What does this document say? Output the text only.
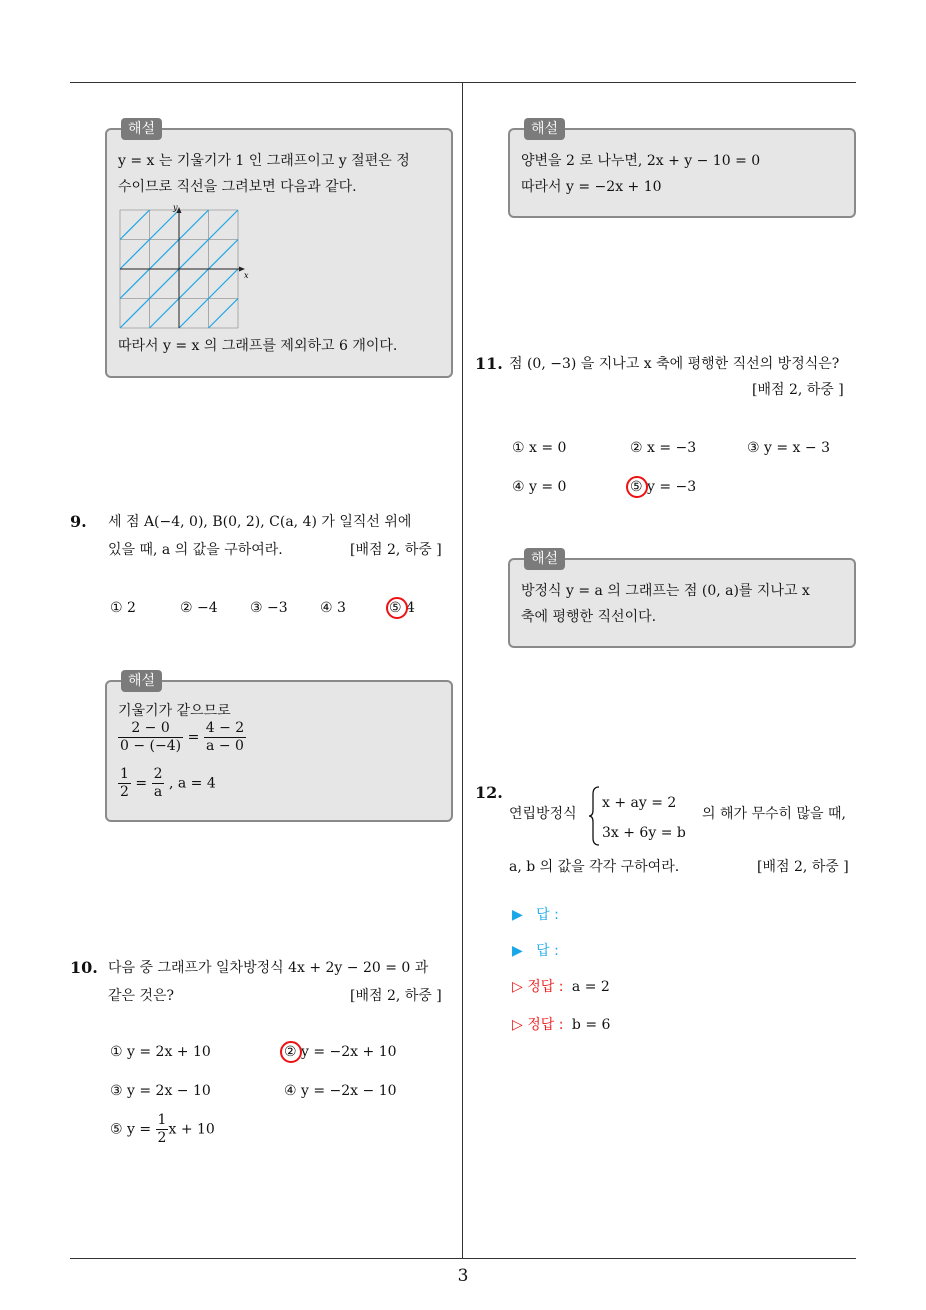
해설
y = x 는 기울기가 1 인 그래프이고 y 절편은 정
수이므로 직선을 그려보면 다음과 같다.
y
x
따라서 y = x 의 그래프를 제외하고 6 개이다.
9. 세 점 A(−4, 0), B(0, 2), C(a, 4) 가 일직선 위에
있을 때, a 의 값을 구하여라.	[배점 2, 하중 ]
① 2	② −4 ③ −3 ④ 3	⑤ 4
해설
기울기가 같으므로
$\frac{2 - 0}{0 - (-4)} = \frac{4 - 2}{a - 0}$
$\frac{1}{2} = \frac{2}{a}$ , a = 4
10. 다음 중 그래프가 일차방정식 4x + 2y − 20 = 0 과
같은 것은?	[배점 2, 하중 ]
① y = 2x + 10	② y = −2x + 10
③ y = 2x − 10	④ y = −2x − 10
⑤ $y = \frac{1}{2}$ x + 10
해설
양변을 2 로 나누면, 2x + y − 10 = 0
따라서 y = −2x + 10
11. 점 (0, −3) 을 지나고 x 축에 평행한 직선의 방정식은?
[배점 2, 하중 ]
① x = 0	② x = −3	③ y = x − 3
④ y = 0	⑤ y = −3
해설
방정식 y = a 의 그래프는 점 (0, a)를 지나고 x
축에 평행한 직선이다.
12.
연립방정식
x + ay = 2
3x + 6y = b
의 해가 무수히 많을 때,
a, b 의 값을 각각 구하여라.	[배점 2, 하중 ]
▶ 답 :
▶ 답 :
▷ 정답 : a = 2
▷ 정답 : b = 6
3
